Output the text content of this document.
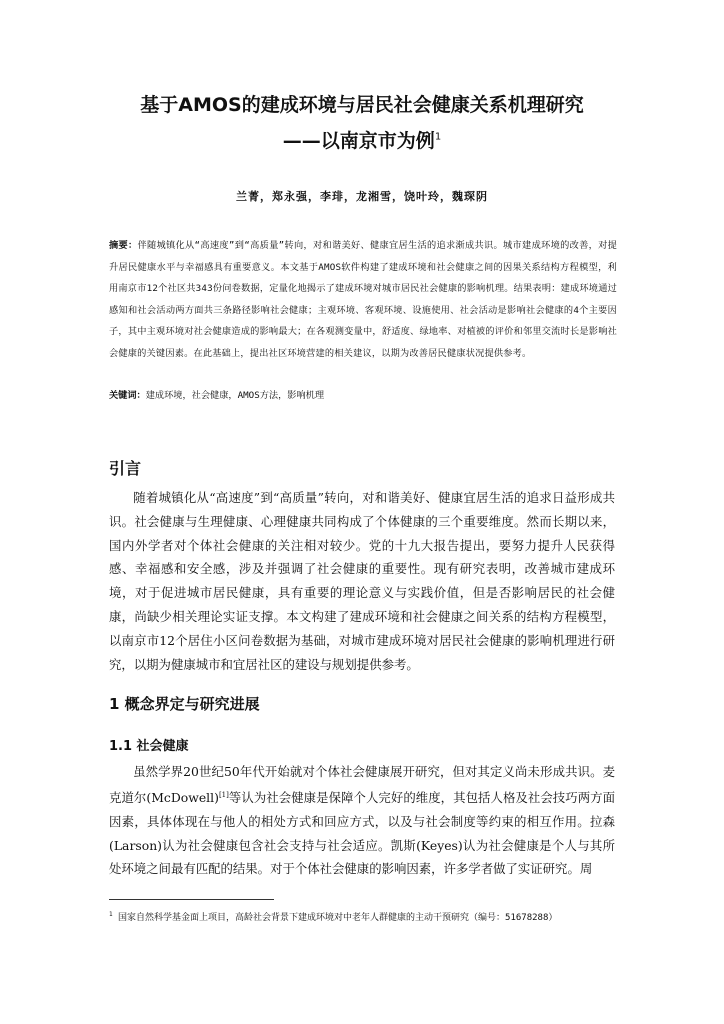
基于AMOS的建成环境与居民社会健康关系机理研究
——以南京市为例$^1$
兰菁，郑永强，李琲，龙湘雪，饶叶玲，魏琛阴
摘要：伴随城镇化从“高速度”到“高质量”转向，对和谐美好、健康宜居生活的追求渐成共识。城市建成环境的改善，对提升居民健康水平与幸福感具有重要意义。本文基于AMOS软件构建了建成环境和社会健康之间的因果关系结构方程模型，利用南京市12个社区共343份问卷数据，定量化地揭示了建成环境对城市居民社会健康的影响机理。结果表明：建成环境通过感知和社会活动两方面共三条路径影响社会健康；主观环境、客观环境、设施使用、社会活动是影响社会健康的4个主要因子，其中主观环境对社会健康造成的影响最大；在各观测变量中，舒适度、绿地率、对植被的评价和邻里交流时长是影响社会健康的关键因素。在此基础上，提出社区环境营建的相关建议，以期为改善居民健康状况提供参考。
关键词：建成环境，社会健康，AMOS方法，影响机理
引言
随着城镇化从“高速度”到“高质量”转向，对和谐美好、健康宜居生活的追求日益形成共识。社会健康与生理健康、心理健康共同构成了个体健康的三个重要维度。然而长期以来，国内外学者对个体社会健康的关注相对较少。党的十九大报告提出，要努力提升人民获得感、幸福感和安全感，涉及并强调了社会健康的重要性。现有研究表明，改善城市建成环境，对于促进城市居民健康，具有重要的理论意义与实践价值，但是否影响居民的社会健康，尚缺少相关理论实证支撑。本文构建了建成环境和社会健康之间关系的结构方程模型，以南京市12个居住小区问卷数据为基础，对城市建成环境对居民社会健康的影响机理进行研究，以期为健康城市和宜居社区的建设与规划提供参考。
1 概念界定与研究进展
1.1 社会健康
虽然学界20世纪50年代开始就对个体社会健康展开研究，但对其定义尚未形成共识。麦克道尔(McDowell)[1]等认为社会健康是保障个人完好的维度，其包括人格及社会技巧两方面因素，具体体现在与他人的相处方式和回应方式，以及与社会制度等约束的相互作用。拉森(Larson)认为社会健康包含社会支持与社会适应。凯斯(Keyes)认为社会健康是个人与其所处环境之间最有匹配的结果。对于个体社会健康的影响因素，许多学者做了实证研究。周
$^1$ 国家自然科学基金面上项目，高龄社会背景下建成环境对中老年人群健康的主动干预研究（编号：51678288）
